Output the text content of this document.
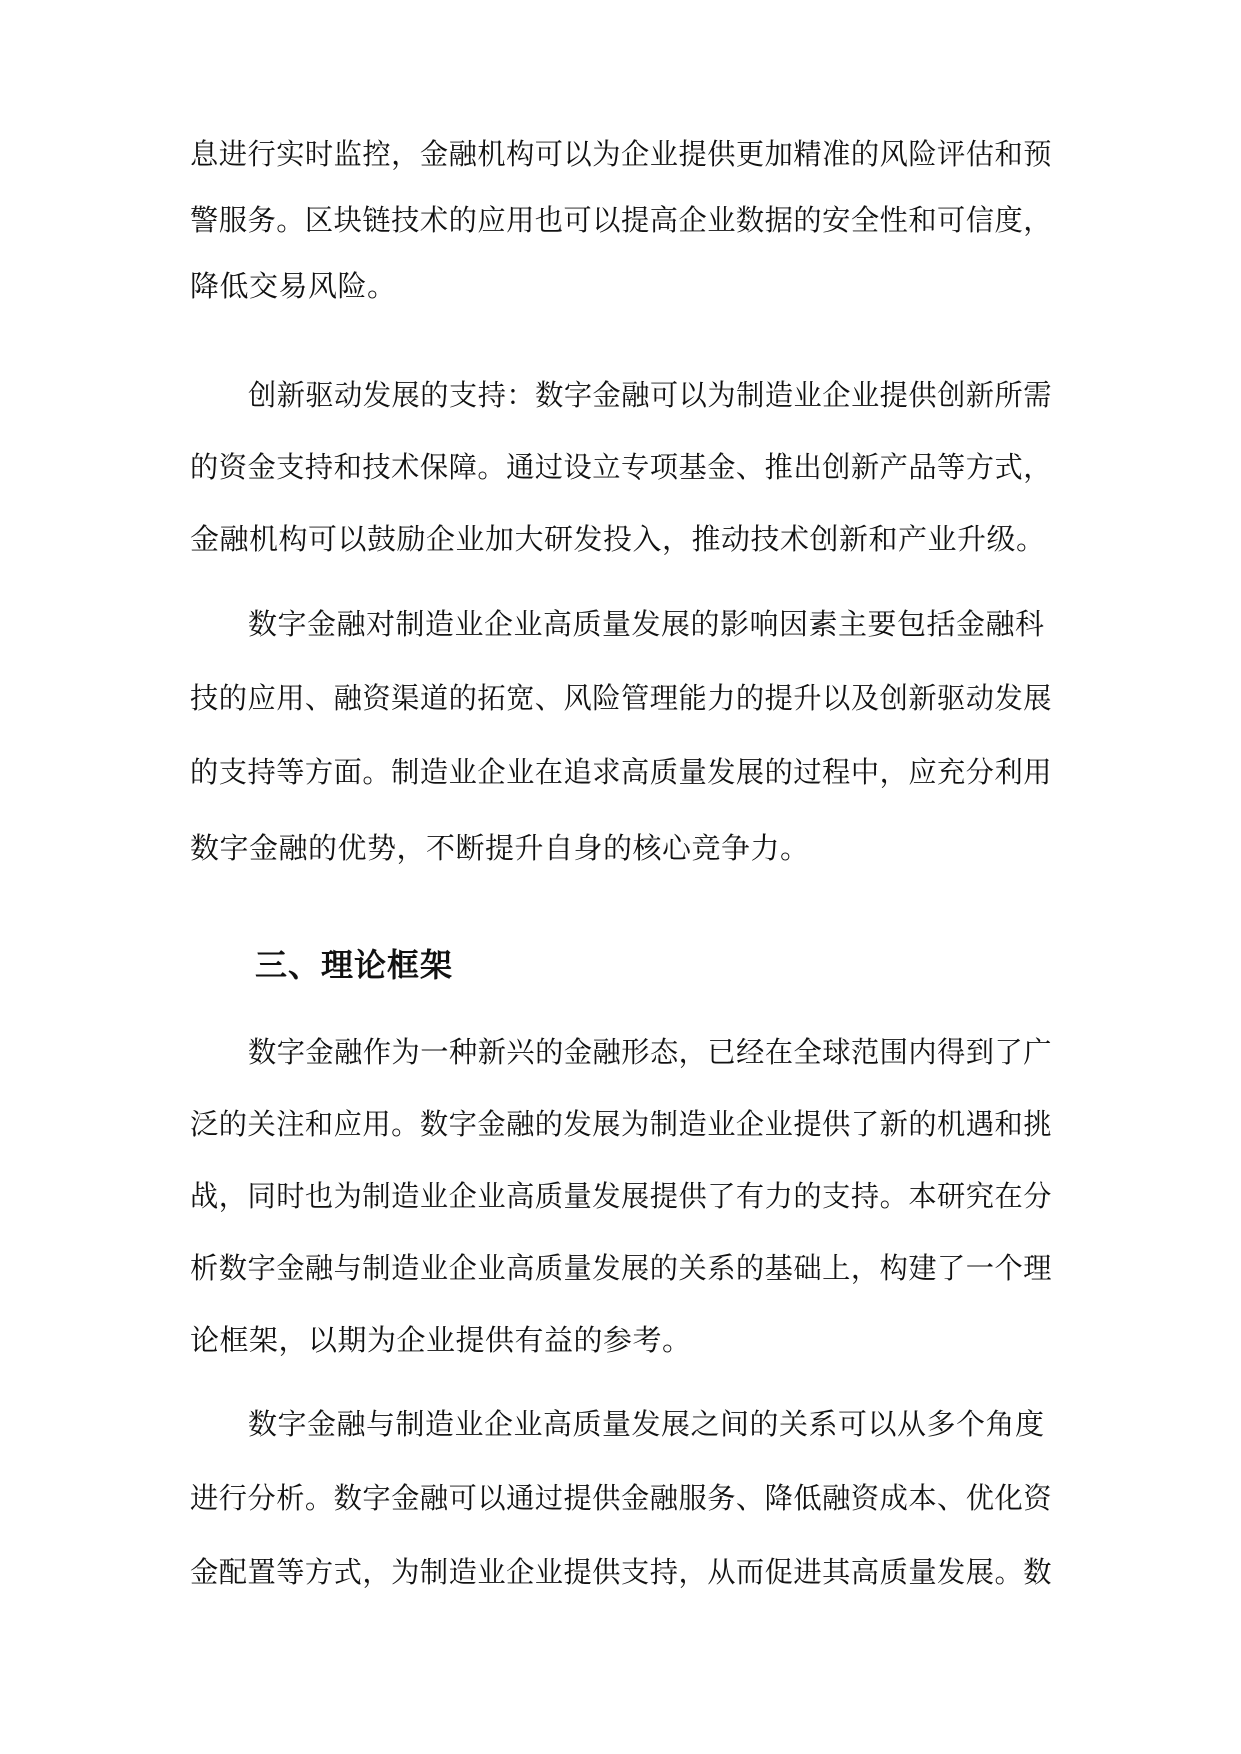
息进行实时监控，金融机构可以为企业提供更加精准的风险评估和预
警服务。区块链技术的应用也可以提高企业数据的安全性和可信度，
降低交易风险。
创新驱动发展的支持：数字金融可以为制造业企业提供创新所需
的资金支持和技术保障。通过设立专项基金、推出创新产品等方式，
金融机构可以鼓励企业加大研发投入，推动技术创新和产业升级。
数字金融对制造业企业高质量发展的影响因素主要包括金融科
技的应用、融资渠道的拓宽、风险管理能力的提升以及创新驱动发展
的支持等方面。制造业企业在追求高质量发展的过程中，应充分利用
数字金融的优势，不断提升自身的核心竞争力。
三、理论框架
数字金融作为一种新兴的金融形态，已经在全球范围内得到了广
泛的关注和应用。数字金融的发展为制造业企业提供了新的机遇和挑
战，同时也为制造业企业高质量发展提供了有力的支持。本研究在分
析数字金融与制造业企业高质量发展的关系的基础上，构建了一个理
论框架，以期为企业提供有益的参考。
数字金融与制造业企业高质量发展之间的关系可以从多个角度
进行分析。数字金融可以通过提供金融服务、降低融资成本、优化资
金配置等方式，为制造业企业提供支持，从而促进其高质量发展。数
